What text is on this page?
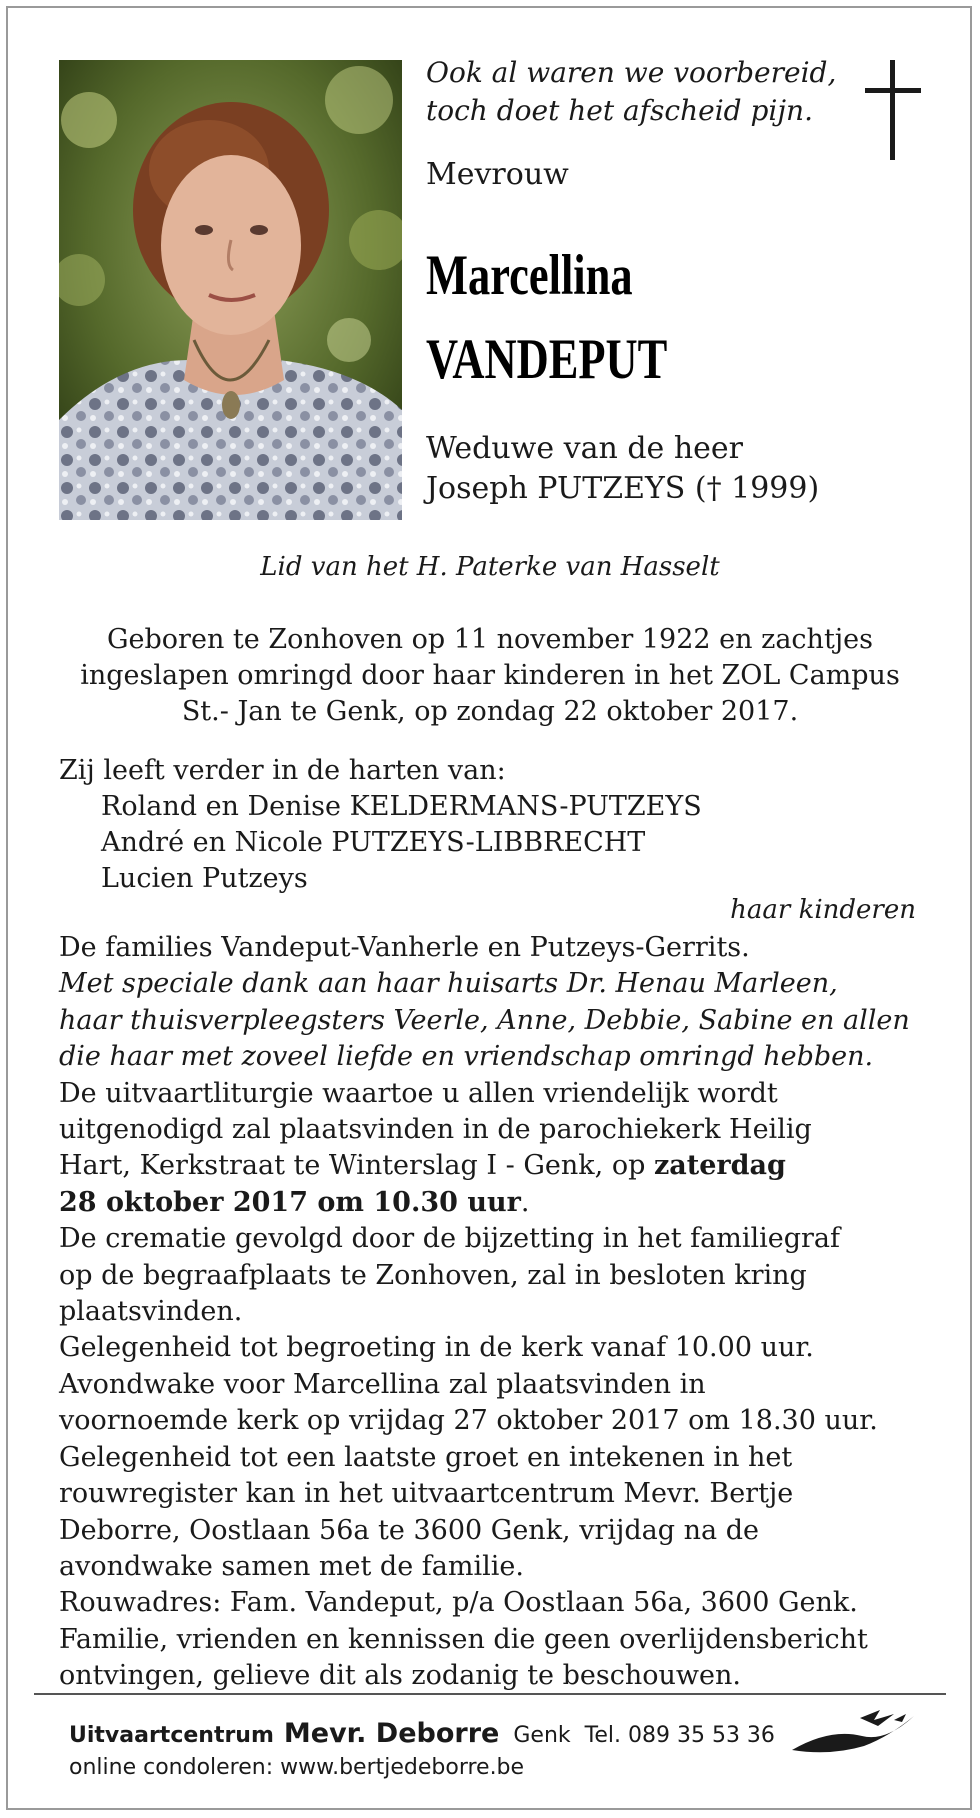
Ook al waren we voorbereid,
toch doet het afscheid pijn.
Mevrouw
Marcellina
VANDEPUT
Weduwe van de heer
Joseph PUTZEYS († 1999)
Lid van het H. Paterke van Hasselt
Geboren te Zonhoven op 11 november 1922 en zachtjes
ingeslapen omringd door haar kinderen in het ZOL Campus
St.- Jan te Genk, op zondag 22 oktober 2017.
Zij leeft verder in de harten van:
Roland en Denise KELDERMANS-PUTZEYS
André en Nicole PUTZEYS-LIBBRECHT
Lucien Putzeys
haar kinderen
De families Vandeput-Vanherle en Putzeys-Gerrits.
Met speciale dank aan haar huisarts Dr. Henau Marleen,
haar thuisverpleegsters Veerle, Anne, Debbie, Sabine en allen
die haar met zoveel liefde en vriendschap omringd hebben.
De uitvaartliturgie waartoe u allen vriendelijk wordt
uitgenodigd zal plaatsvinden in de parochiekerk Heilig
Hart, Kerkstraat te Winterslag I - Genk, op zaterdag
28 oktober 2017 om 10.30 uur.
De crematie gevolgd door de bijzetting in het familiegraf
op de begraafplaats te Zonhoven, zal in besloten kring
plaatsvinden.
Gelegenheid tot begroeting in de kerk vanaf 10.00 uur.
Avondwake voor Marcellina zal plaatsvinden in
voornoemde kerk op vrijdag 27 oktober 2017 om 18.30 uur.
Gelegenheid tot een laatste groet en intekenen in het
rouwregister kan in het uitvaartcentrum Mevr. Bertje
Deborre, Oostlaan 56a te 3600 Genk, vrijdag na de
avondwake samen met de familie.
Rouwadres: Fam. Vandeput, p/a Oostlaan 56a, 3600 Genk.
Familie, vrienden en kennissen die geen overlijdensbericht
ontvingen, gelieve dit als zodanig te beschouwen.
Uitvaartcentrum Mevr. Deborre Genk Tel. 089 35 53 36
online condoleren: www.bertjedeborre.be
